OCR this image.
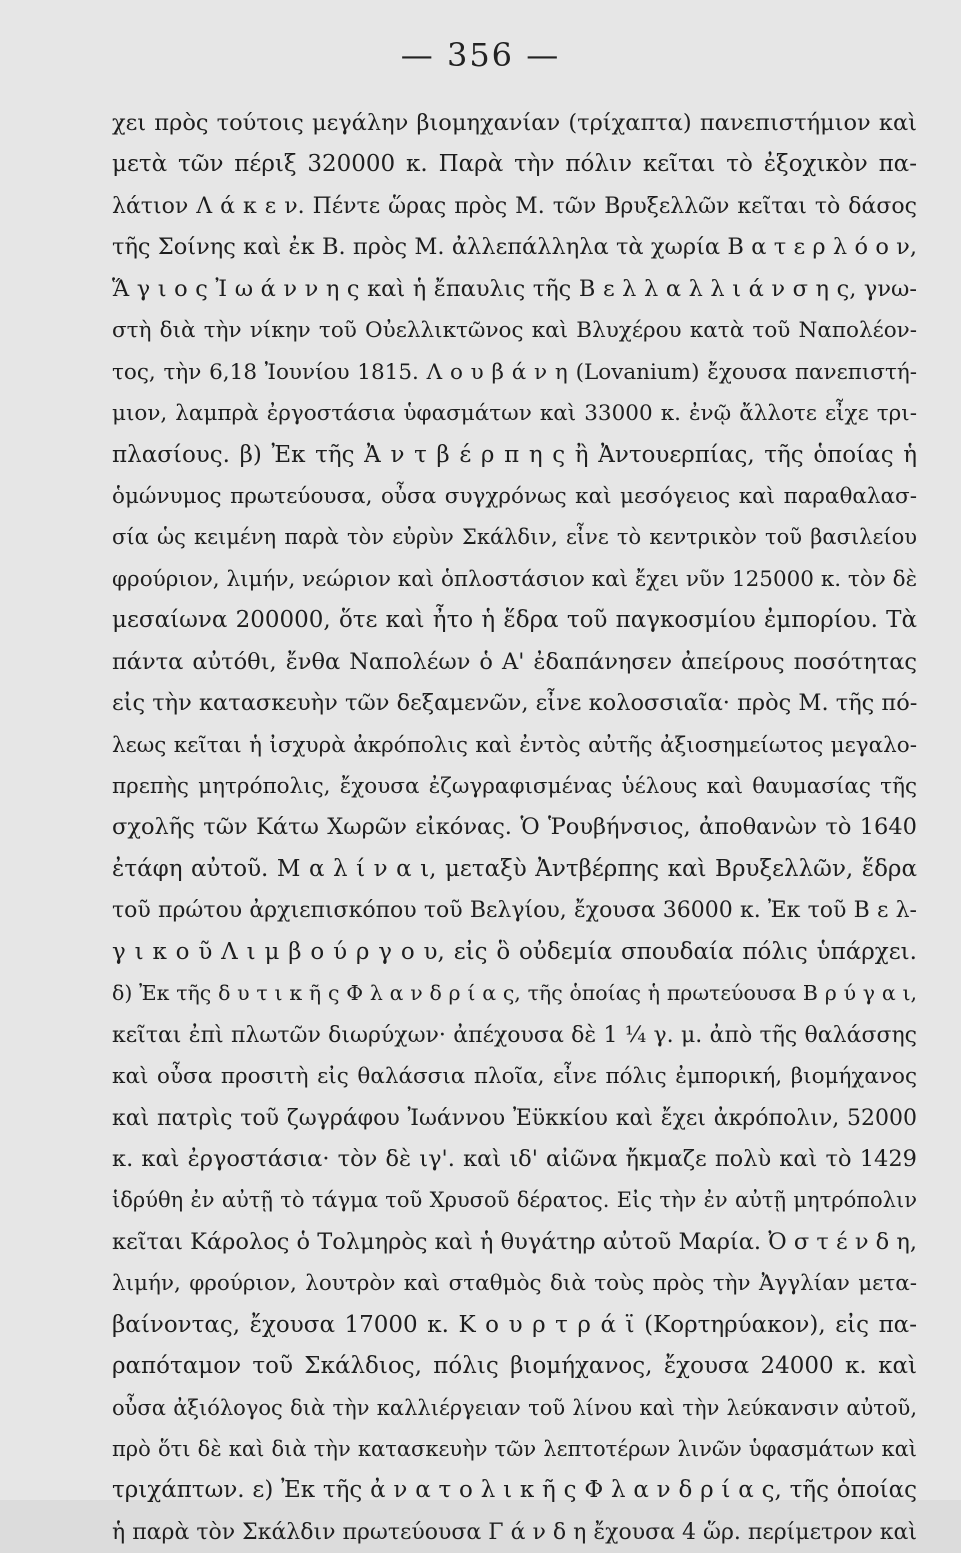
— 356 —
χει πρὸς τούτοις μεγάλην βιομηχανίαν (τρίχαπτα) πανεπιστήμιον καὶ
μετὰ τῶν πέριξ 320000 κ. Παρὰ τὴν πόλιν κεῖται τὸ ἐξοχικὸν πα-
λάτιον Λ ά κ ε ν. Πέντε ὥρας πρὸς Μ. τῶν Βρυξελλῶν κεῖται τὸ δάσος
τῆς Σοίνης καὶ ἐκ Β. πρὸς Μ. ἀλλεπάλληλα τὰ χωρία Β α τ ε ρ λ ό ο ν,
Ἅ γ ι ο ς Ἰ ω ά ν ν η ς καὶ ἡ ἔπαυλις τῆς Β ε λ λ α λ λ ι ά ν σ η ς, γνω-
στὴ διὰ τὴν νίκην τοῦ Οὐελλικτῶνος καὶ Βλυχέρου κατὰ τοῦ Ναπολέον-
τος, τὴν 6,18 Ἰουνίου 1815. Λ ο υ β ά ν η (Lovanium) ἔχουσα πανεπιστή-
μιον, λαμπρὰ ἐργοστάσια ὑφασμάτων καὶ 33000 κ. ἐνῷ ἄλλοτε εἶχε τρι-
πλασίους. β) Ἐκ τῆς Ἀ ν τ β έ ρ π η ς ἢ Ἀντουερπίας, τῆς ὁποίας ἡ
ὁμώνυμος πρωτεύουσα, οὖσα συγχρόνως καὶ μεσόγειος καὶ παραθαλασ-
σία ὡς κειμένη παρὰ τὸν εὐρὺν Σκάλδιν, εἶνε τὸ κεντρικὸν τοῦ βασιλείου
φρούριον, λιμήν, νεώριον καὶ ὁπλοστάσιον καὶ ἔχει νῦν 125000 κ. τὸν δὲ
μεσαίωνα 200000, ὅτε καὶ ἦτο ἡ ἕδρα τοῦ παγκοσμίου ἐμπορίου. Τὰ
πάντα αὐτόθι, ἔνθα Ναπολέων ὁ Α' ἐδαπάνησεν ἀπείρους ποσότητας
εἰς τὴν κατασκευὴν τῶν δεξαμενῶν, εἶνε κολοσσιαῖα· πρὸς Μ. τῆς πό-
λεως κεῖται ἡ ἰσχυρὰ ἀκρόπολις καὶ ἐντὸς αὐτῆς ἀξιοσημείωτος μεγαλο-
πρεπὴς μητρόπολις, ἔχουσα ἐζωγραφισμένας ὑέλους καὶ θαυμασίας τῆς
σχολῆς τῶν Κάτω Χωρῶν εἰκόνας. Ὁ Ῥουβήνσιος, ἀποθανὼν τὸ 1640
ἐτάφη αὐτοῦ. Μ α λ ί ν α ι, μεταξὺ Ἀντβέρπης καὶ Βρυξελλῶν, ἕδρα
τοῦ πρώτου ἀρχιεπισκόπου τοῦ Βελγίου, ἔχουσα 36000 κ. Ἐκ τοῦ Β ε λ-
γ ι κ ο ῦ Λ ι μ β ο ύ ρ γ ο υ, εἰς ὃ οὐδεμία σπουδαία πόλις ὑπάρχει.
δ) Ἐκ τῆς δ υ τ ι κ ῆ ς Φ λ α ν δ ρ ί α ς, τῆς ὁποίας ἡ πρωτεύουσα Β ρ ύ γ α ι,
κεῖται ἐπὶ πλωτῶν διωρύχων· ἀπέχουσα δὲ 1 ¼ γ. μ. ἀπὸ τῆς θαλάσσης
καὶ οὖσα προσιτὴ εἰς θαλάσσια πλοῖα, εἶνε πόλις ἐμπορική, βιομήχανος
καὶ πατρὶς τοῦ ζωγράφου Ἰωάννου Ἐϋκκίου καὶ ἔχει ἀκρόπολιν, 52000
κ. καὶ ἐργοστάσια· τὸν δὲ ιγ'. καὶ ιδ' αἰῶνα ἤκμαζε πολὺ καὶ τὸ 1429
ἱδρύθη ἐν αὐτῇ τὸ τάγμα τοῦ Χρυσοῦ δέρατος. Εἰς τὴν ἐν αὐτῇ μητρόπολιν
κεῖται Κάρολος ὁ Τολμηρὸς καὶ ἡ θυγάτηρ αὐτοῦ Μαρία. Ὀ σ τ έ ν δ η,
λιμήν, φρούριον, λουτρὸν καὶ σταθμὸς διὰ τοὺς πρὸς τὴν Ἀγγλίαν μετα-
βαίνοντας, ἔχουσα 17000 κ. Κ ο υ ρ τ ρ ά ϊ (Κορτηρύακον), εἰς πα-
ραπόταμον τοῦ Σκάλδιος, πόλις βιομήχανος, ἔχουσα 24000 κ. καὶ
οὖσα ἀξιόλογος διὰ τὴν καλλιέργειαν τοῦ λίνου καὶ τὴν λεύκανσιν αὐτοῦ,
πρὸ ὅτι δὲ καὶ διὰ τὴν κατασκευὴν τῶν λεπτοτέρων λινῶν ὑφασμάτων καὶ
τριχάπτων. ε) Ἐκ τῆς ἀ ν α τ ο λ ι κ ῆ ς Φ λ α ν δ ρ ί α ς, τῆς ὁποίας
ἡ παρὰ τὸν Σκάλδιν πρωτεύουσα Γ ά ν δ η ἔχουσα 4 ὥρ. περίμετρον καὶ
